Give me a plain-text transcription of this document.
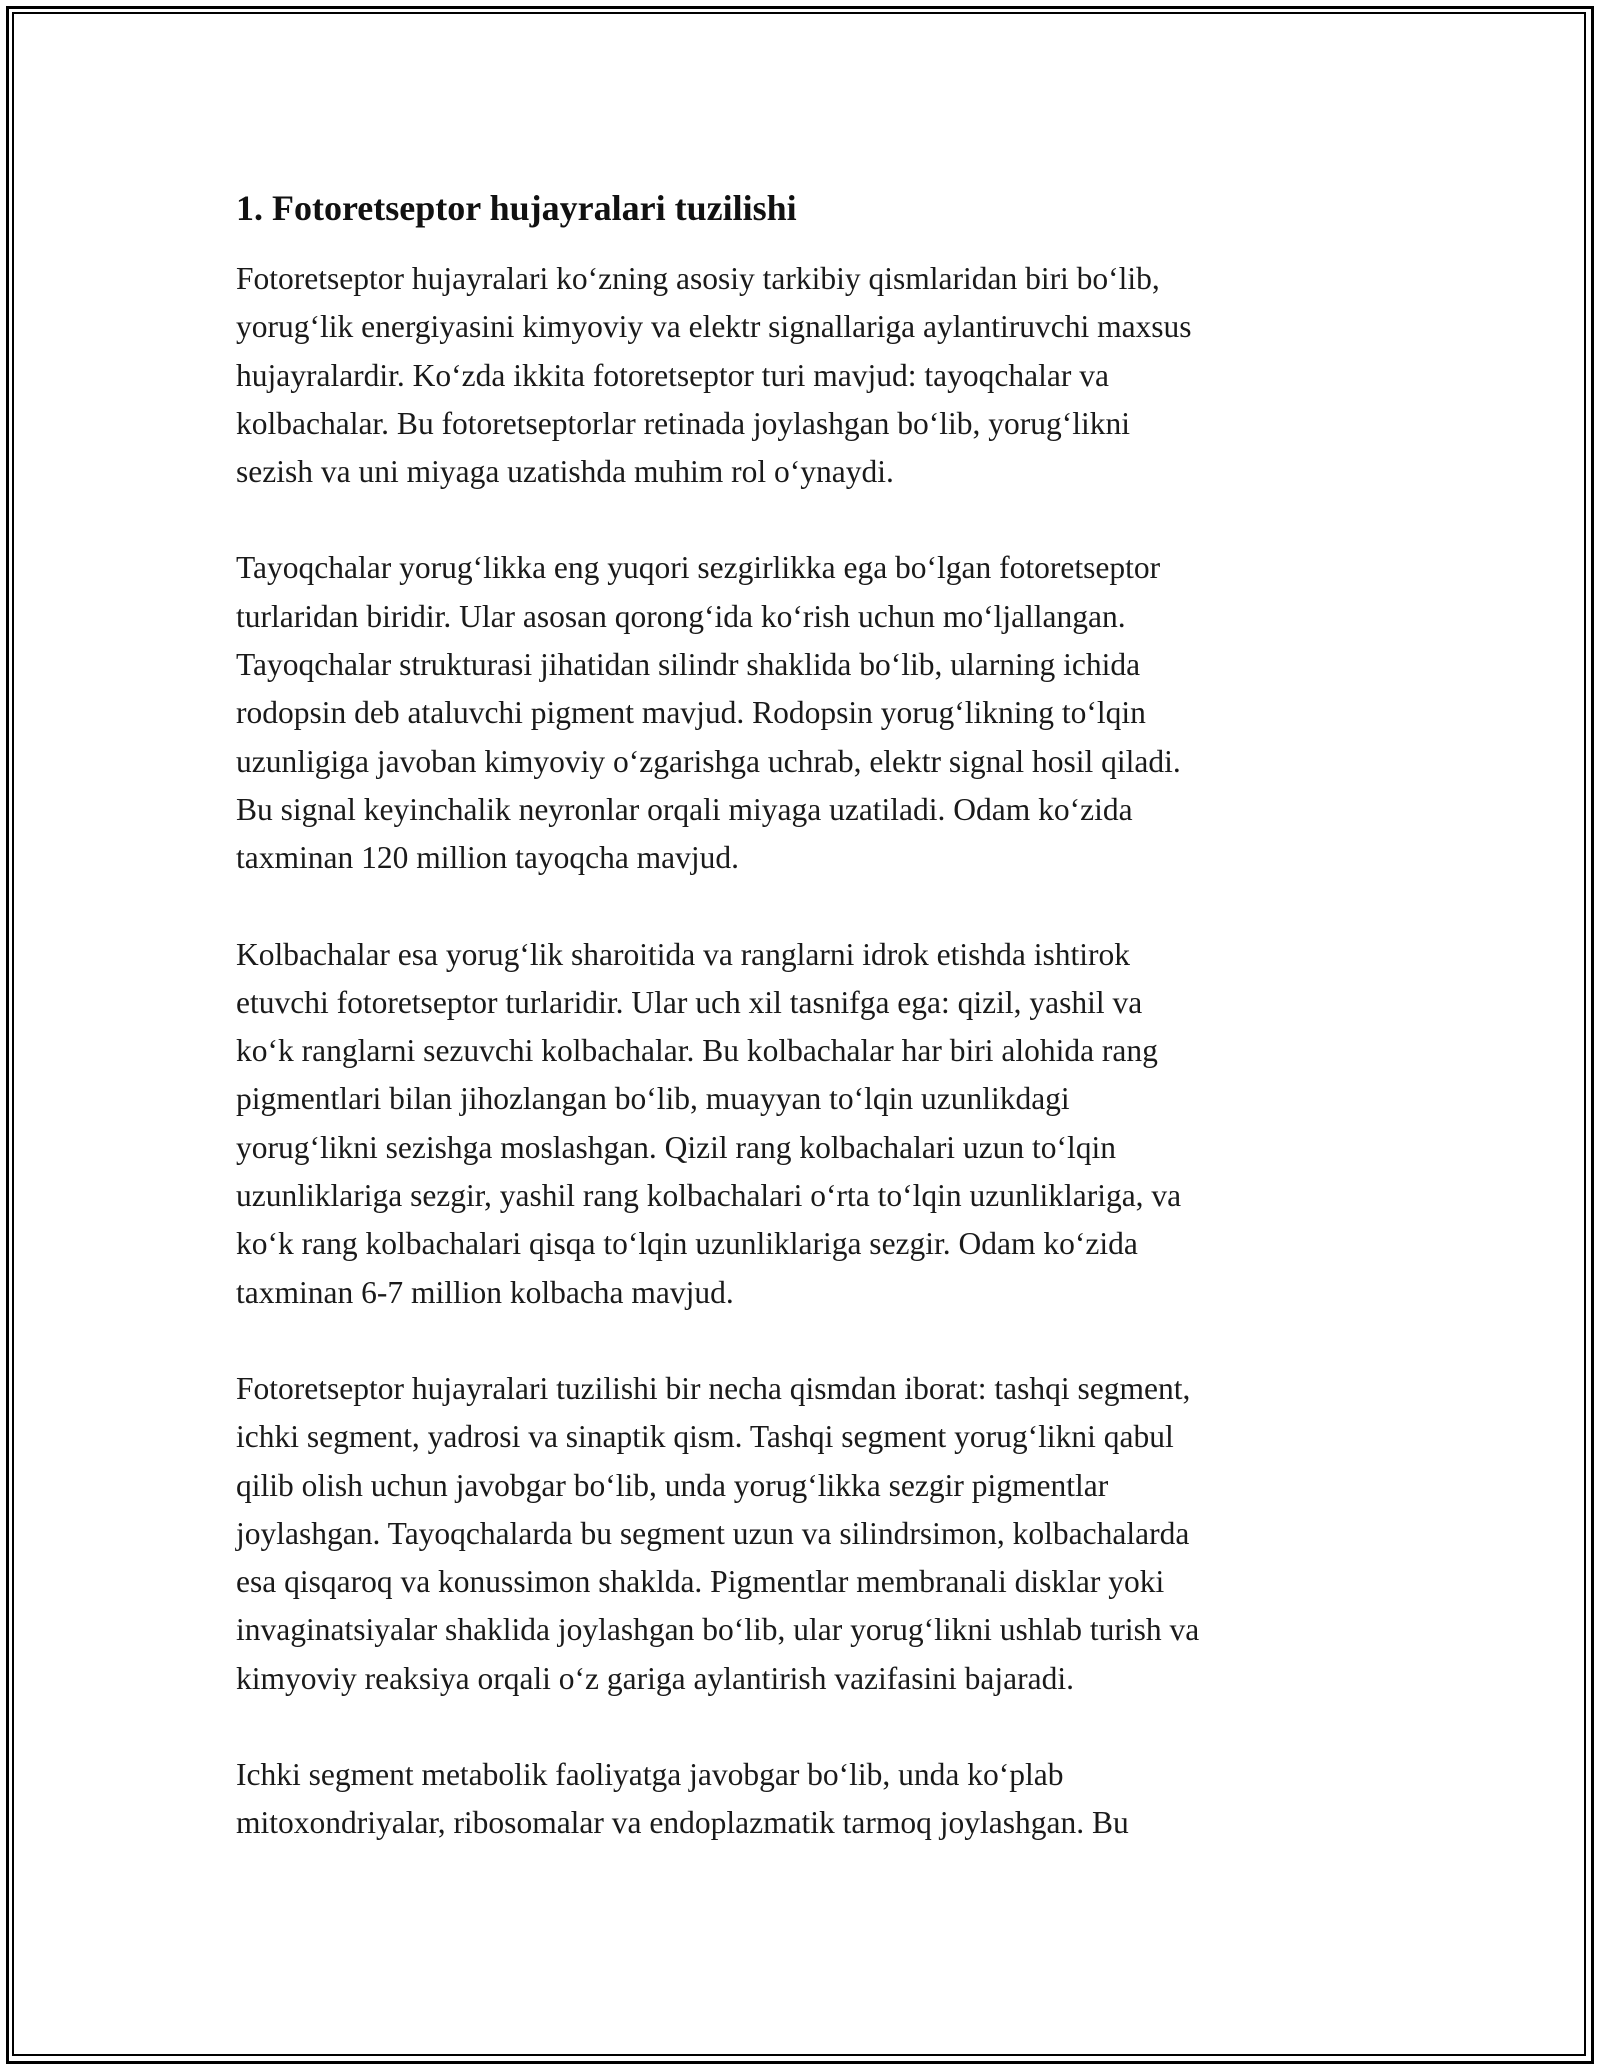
1. Fotoretseptor hujayralari tuzilishi
Fotoretseptor hujayralari ko‘zning asosiy tarkibiy qismlaridan biri bo‘lib,
yorug‘lik energiyasini kimyoviy va elektr signallariga aylantiruvchi maxsus
hujayralardir. Ko‘zda ikkita fotoretseptor turi mavjud: tayoqchalar va
kolbachalar. Bu fotoretseptorlar retinada joylashgan bo‘lib, yorug‘likni
sezish va uni miyaga uzatishda muhim rol o‘ynaydi.
Tayoqchalar yorug‘likka eng yuqori sezgirlikka ega bo‘lgan fotoretseptor
turlaridan biridir. Ular asosan qorong‘ida ko‘rish uchun mo‘ljallangan.
Tayoqchalar strukturasi jihatidan silindr shaklida bo‘lib, ularning ichida
rodopsin deb ataluvchi pigment mavjud. Rodopsin yorug‘likning to‘lqin
uzunligiga javoban kimyoviy o‘zgarishga uchrab, elektr signal hosil qiladi.
Bu signal keyinchalik neyronlar orqali miyaga uzatiladi. Odam ko‘zida
taxminan 120 million tayoqcha mavjud.
Kolbachalar esa yorug‘lik sharoitida va ranglarni idrok etishda ishtirok
etuvchi fotoretseptor turlaridir. Ular uch xil tasnifga ega: qizil, yashil va
ko‘k ranglarni sezuvchi kolbachalar. Bu kolbachalar har biri alohida rang
pigmentlari bilan jihozlangan bo‘lib, muayyan to‘lqin uzunlikdagi
yorug‘likni sezishga moslashgan. Qizil rang kolbachalari uzun to‘lqin
uzunliklariga sezgir, yashil rang kolbachalari o‘rta to‘lqin uzunliklariga, va
ko‘k rang kolbachalari qisqa to‘lqin uzunliklariga sezgir. Odam ko‘zida
taxminan 6-7 million kolbacha mavjud.
Fotoretseptor hujayralari tuzilishi bir necha qismdan iborat: tashqi segment,
ichki segment, yadrosi va sinaptik qism. Tashqi segment yorug‘likni qabul
qilib olish uchun javobgar bo‘lib, unda yorug‘likka sezgir pigmentlar
joylashgan. Tayoqchalarda bu segment uzun va silindrsimon, kolbachalarda
esa qisqaroq va konussimon shakldа. Pigmentlar membranali disklar yoki
invaginatsiyalar shaklida joylashgan bo‘lib, ular yorug‘likni ushlab turish va
kimyoviy reaksiya orqali o‘z gariga aylantirish vazifasini bajaradi.
Ichki segment metabolik faoliyatga javobgar bo‘lib, unda ko‘plab
mitoxondriyalar, ribosomalar va endoplazmatik tarmoq joylashgan. Bu
